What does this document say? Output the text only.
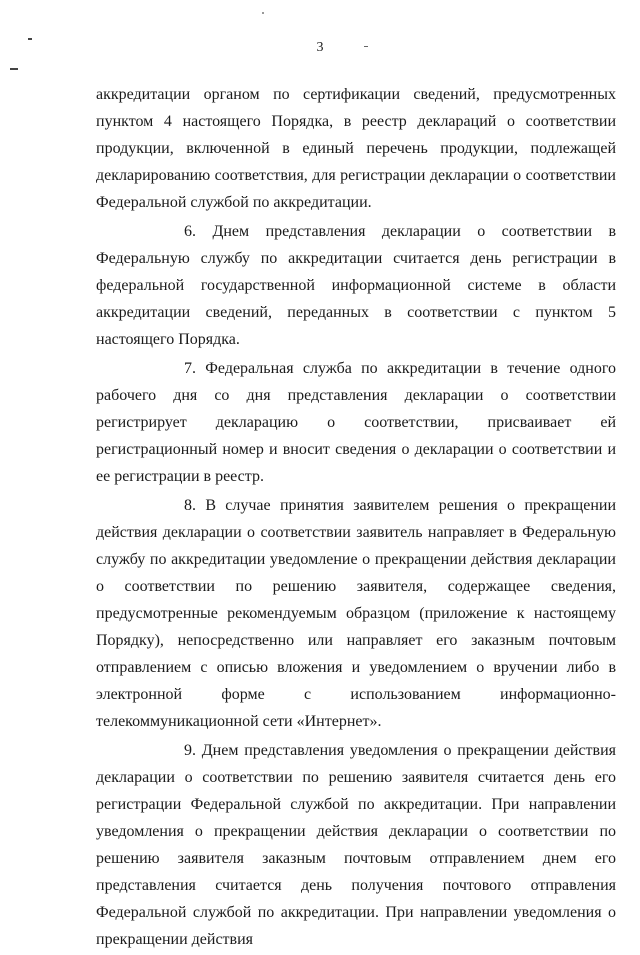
3

аккредитации органом по сертификации сведений, предусмотренных пунктом 4 настоящего Порядка, в реестр деклараций о соответствии продукции, включенной в единый перечень продукции, подлежащей декларированию соответствия, для регистрации декларации о соответствии Федеральной службой по аккредитации.

6. Днем представления декларации о соответствии в Федеральную службу по аккредитации считается день регистрации в федеральной государственной информационной системе в области аккредитации сведений, переданных в соответствии с пунктом 5 настоящего Порядка.

7. Федеральная служба по аккредитации в течение одного рабочего дня со дня представления декларации о соответствии регистрирует декларацию о соответствии, присваивает ей регистрационный номер и вносит сведения о декларации о соответствии и ее регистрации в реестр.

8. В случае принятия заявителем решения о прекращении действия декларации о соответствии заявитель направляет в Федеральную службу по аккредитации уведомление о прекращении действия декларации о соответствии по решению заявителя, содержащее сведения, предусмотренные рекомендуемым образцом (приложение к настоящему Порядку), непосредственно или направляет его заказным почтовым отправлением с описью вложения и уведомлением о вручении либо в электронной форме с использованием информационно-телекоммуникационной сети «Интернет».

9. Днем представления уведомления о прекращении действия декларации о соответствии по решению заявителя считается день его регистрации Федеральной службой по аккредитации. При направлении уведомления о прекращении действия декларации о соответствии по решению заявителя заказным почтовым отправлением днем его представления считается день получения почтового отправления Федеральной службой по аккредитации. При направлении уведомления о прекращении действия
